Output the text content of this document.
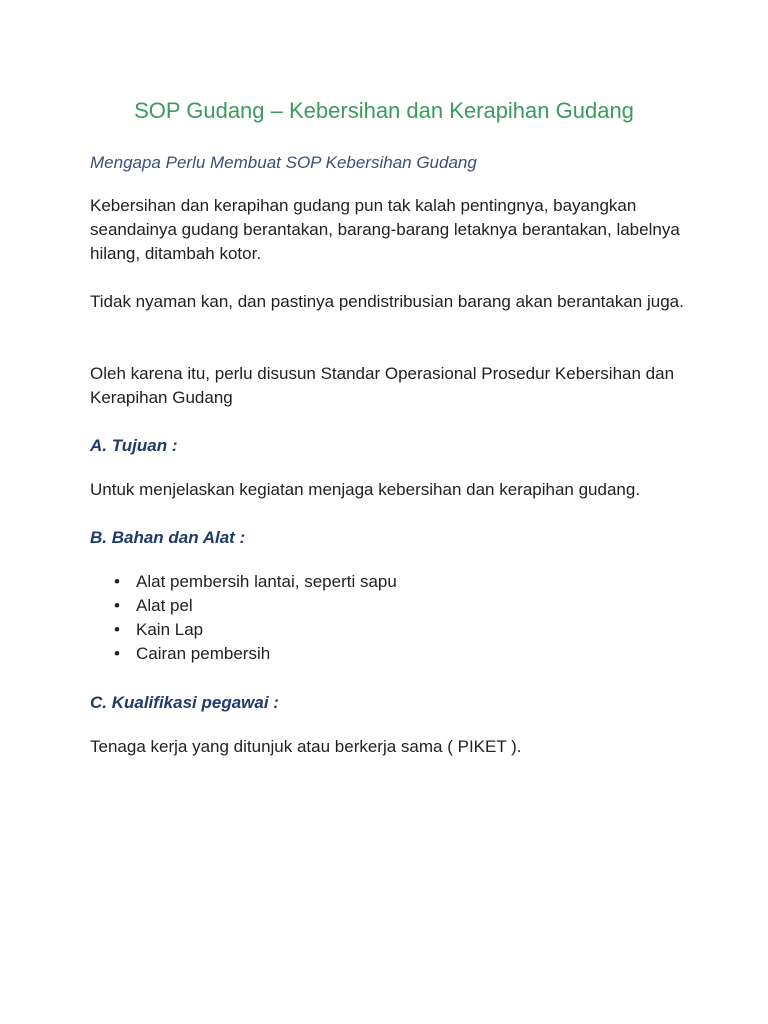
SOP Gudang – Kebersihan dan Kerapihan Gudang
Mengapa Perlu Membuat SOP Kebersihan Gudang

Kebersihan dan kerapihan gudang pun tak kalah pentingnya, bayangkan seandainya gudang berantakan, barang-barang letaknya berantakan, labelnya hilang, ditambah kotor.

Tidak nyaman kan, dan pastinya pendistribusian barang akan berantakan juga.

Oleh karena itu, perlu disusun Standar Operasional Prosedur Kebersihan dan Kerapihan Gudang

A. Tujuan :

Untuk menjelaskan kegiatan menjaga kebersihan dan kerapihan gudang.

B. Bahan dan Alat :
• Alat pembersih lantai, seperti sapu
• Alat pel
• Kain Lap
• Cairan pembersih
C. Kualifikasi pegawai :

Tenaga kerja yang ditunjuk atau berkerja sama ( PIKET ).
